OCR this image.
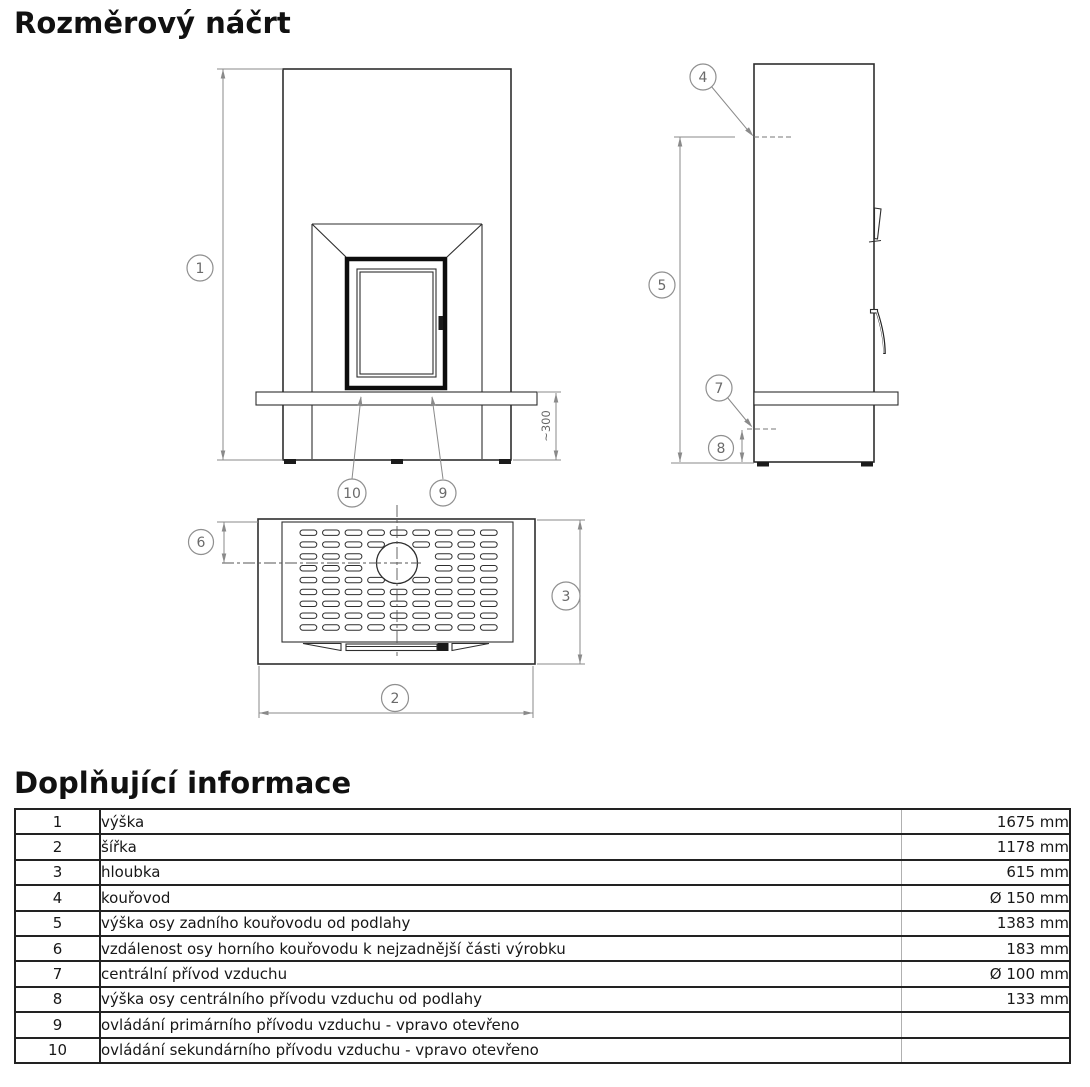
Rozměrový náčrt
1
~300
10	9
4
5
7
8
6
3
2
Doplňující informace
1	výška	1675 mm
2	šířka	1178 mm
3	hloubka	615 mm
4	kouřovod	Ø 150 mm
5	výška osy zadního kouřovodu od podlahy	1383 mm
6	vzdálenost osy horního kouřovodu k nejzadnější části výrobku	183 mm
7	centrální přívod vzduchu	Ø 100 mm
8	výška osy centrálního přívodu vzduchu od podlahy	133 mm
9	ovládání primárního přívodu vzduchu - vpravo otevřeno	
10	ovládání sekundárního přívodu vzduchu - vpravo otevřeno	
